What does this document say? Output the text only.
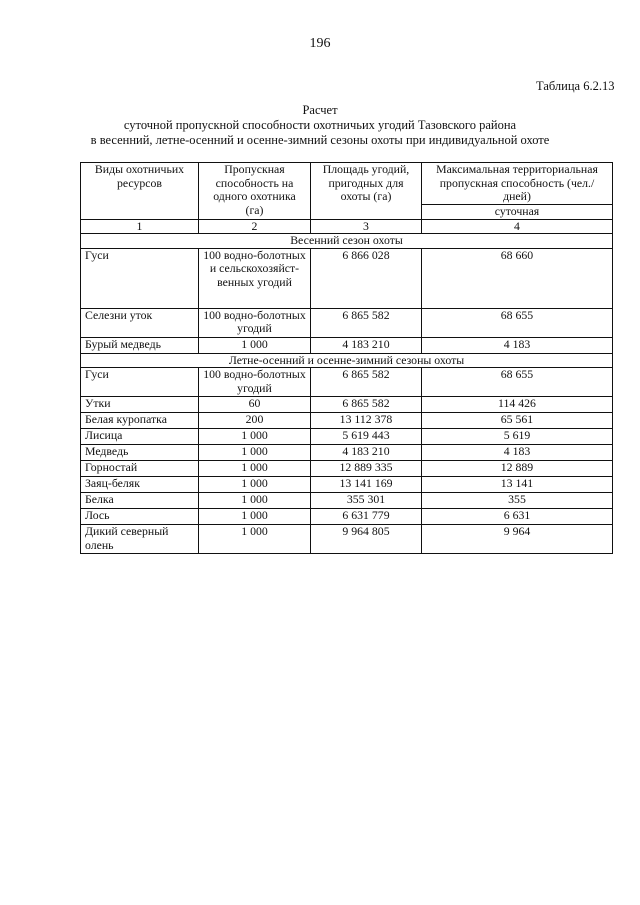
196
Таблица 6.2.13
Расчет
суточной пропускной способности охотничьих угодий Тазовского района
в весенний, летне-осенний и осенне-зимний сезоны охоты при индивидуальной охоте
Виды охотничьих ресурсов	Пропускная способность на одного охотника (га)	Площадь угодий, пригодных для охоты (га)	Максимальная территориальная пропускная способность (чел./дней)
			суточная
1	2	3	4
Весенний сезон охоты			
Гуси	100 водно-болотных и сельскохозяйст-венных угодий	6 866 028	68 660
Селезни уток	100 водно-болотных угодий	6 865 582	68 655
Бурый медведь	1 000	4 183 210	4 183
Летне-осенний и осенне-зимний сезоны охоты			
Гуси	100 водно-болотных угодий	6 865 582	68 655
Утки	60	6 865 582	114 426
Белая куропатка	200	13 112 378	65 561
Лисица	1 000	5 619 443	5 619
Медведь	1 000	4 183 210	4 183
Горностай	1 000	12 889 335	12 889
Заяц-беляк	1 000	13 141 169	13 141
Белка	1 000	355 301	355
Лось	1 000	6 631 779	6 631
Дикий северный олень	1 000	9 964 805	9 964
